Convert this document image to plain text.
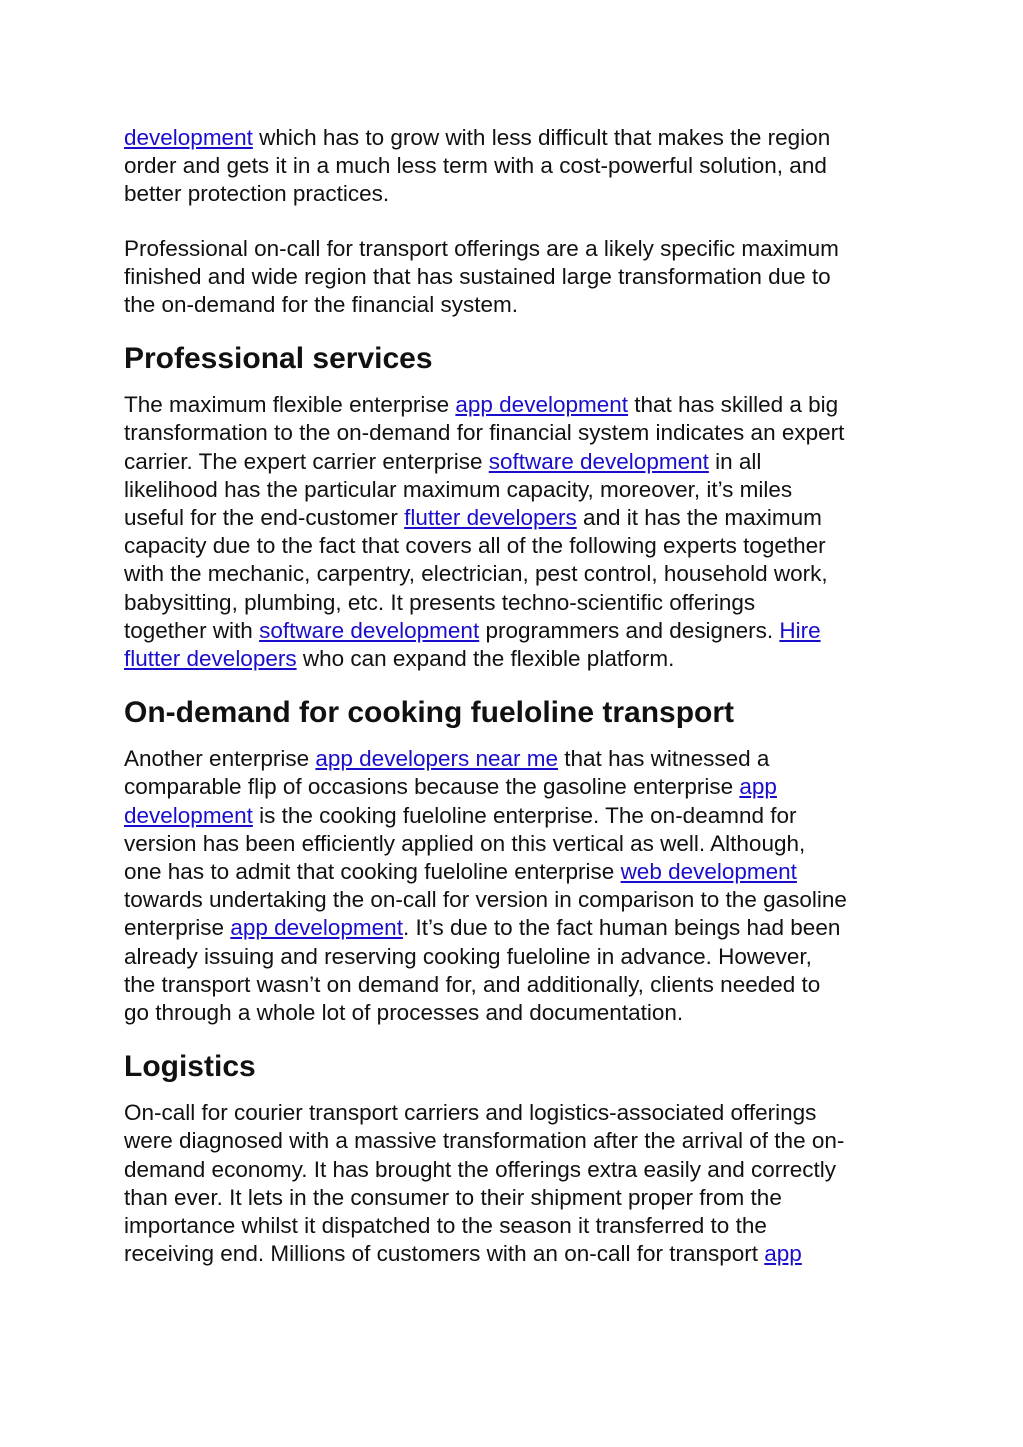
development which has to grow with less difficult that makes the region
order and gets it in a much less term with a cost-powerful solution, and
better protection practices.

Professional on-call for transport offerings are a likely specific maximum
finished and wide region that has sustained large transformation due to
the on-demand for the financial system.

Professional services

The maximum flexible enterprise app development that has skilled a big
transformation to the on-demand for financial system indicates an expert
carrier. The expert carrier enterprise software development in all
likelihood has the particular maximum capacity, moreover, it’s miles
useful for the end-customer flutter developers and it has the maximum
capacity due to the fact that covers all of the following experts together
with the mechanic, carpentry, electrician, pest control, household work,
babysitting, plumbing, etc. It presents techno-scientific offerings
together with software development programmers and designers. Hire
flutter developers who can expand the flexible platform.

On-demand for cooking fueloline transport

Another enterprise app developers near me that has witnessed a
comparable flip of occasions because the gasoline enterprise app
development is the cooking fueloline enterprise. The on-deamnd for
version has been efficiently applied on this vertical as well. Although,
one has to admit that cooking fueloline enterprise web development
towards undertaking the on-call for version in comparison to the gasoline
enterprise app development. It’s due to the fact human beings had been
already issuing and reserving cooking fueloline in advance. However,
the transport wasn’t on demand for, and additionally, clients needed to
go through a whole lot of processes and documentation.

Logistics

On-call for courier transport carriers and logistics-associated offerings
were diagnosed with a massive transformation after the arrival of the on-
demand economy. It has brought the offerings extra easily and correctly
than ever. It lets in the consumer to their shipment proper from the
importance whilst it dispatched to the season it transferred to the
receiving end. Millions of customers with an on-call for transport app
